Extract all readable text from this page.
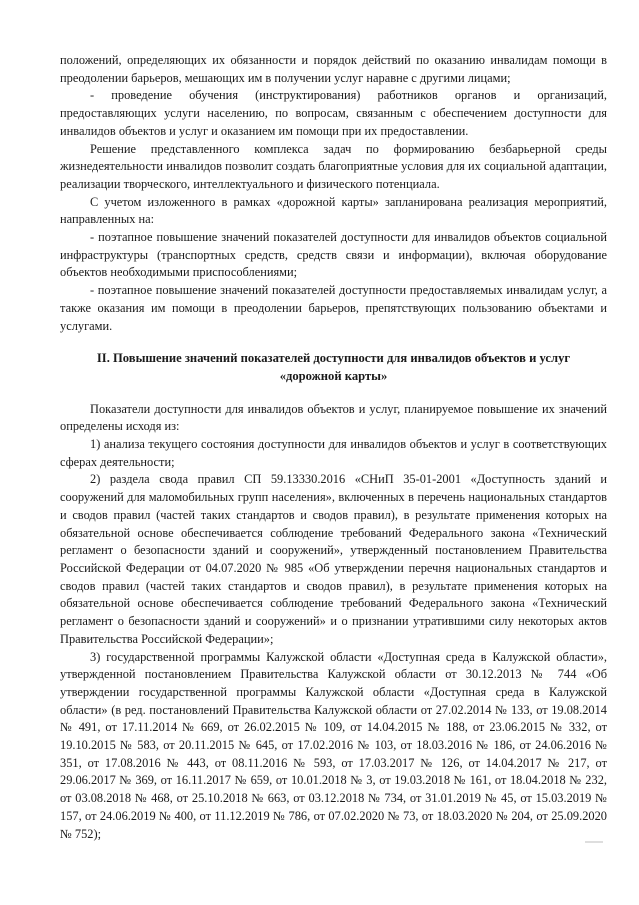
положений, определяющих их обязанности и порядок действий по оказанию инвалидам помощи в преодолении барьеров, мешающих им в получении услуг наравне с другими лицами;

- проведение обучения (инструктирования) работников органов и организаций, предоставляющих услуги населению, по вопросам, связанным с обеспечением доступности для инвалидов объектов и услуг и оказанием им помощи при их предоставлении.

Решение представленного комплекса задач по формированию безбарьерной среды жизнедеятельности инвалидов позволит создать благоприятные условия для их социальной адаптации, реализации творческого, интеллектуального и физического потенциала.

С учетом изложенного в рамках «дорожной карты» запланирована реализация мероприятий, направленных на:

- поэтапное повышение значений показателей доступности для инвалидов объектов социальной инфраструктуры (транспортных средств, средств связи и информации), включая оборудование объектов необходимыми приспособлениями;

- поэтапное повышение значений показателей доступности предоставляемых инвалидам услуг, а также оказания им помощи в преодолении барьеров, препятствующих пользованию объектами и услугами.

II. Повышение значений показателей доступности для инвалидов объектов и услуг «дорожной карты»

Показатели доступности для инвалидов объектов и услуг, планируемое повышение их значений определены исходя из:

1) анализа текущего состояния доступности для инвалидов объектов и услуг в соответствующих сферах деятельности;

2) раздела свода правил СП 59.13330.2016 «СНиП 35-01-2001 «Доступность зданий и сооружений для маломобильных групп населения», включенных в перечень национальных стандартов и сводов правил (частей таких стандартов и сводов правил), в результате применения которых на обязательной основе обеспечивается соблюдение требований Федерального закона «Технический регламент о безопасности зданий и сооружений», утвержденный постановлением Правительства Российской Федерации от 04.07.2020 № 985 «Об утверждении перечня национальных стандартов и сводов правил (частей таких стандартов и сводов правил), в результате применения которых на обязательной основе обеспечивается соблюдение требований Федерального закона «Технический регламент о безопасности зданий и сооружений» и о признании утратившими силу некоторых актов Правительства Российской Федерации»;

3) государственной программы Калужской области «Доступная среда в Калужской области», утвержденной постановлением Правительства Калужской области от 30.12.2013 № 744 «Об утверждении государственной программы Калужской области «Доступная среда в Калужской области» (в ред. постановлений Правительства Калужской области от 27.02.2014 № 133, от 19.08.2014 № 491, от 17.11.2014 № 669, от 26.02.2015 № 109, от 14.04.2015 № 188, от 23.06.2015 № 332, от 19.10.2015 № 583, от 20.11.2015 № 645, от 17.02.2016 № 103, от 18.03.2016 № 186, от 24.06.2016 № 351, от 17.08.2016 № 443, от 08.11.2016 № 593, от 17.03.2017 № 126, от 14.04.2017 № 217, от 29.06.2017 № 369, от 16.11.2017 № 659, от 10.01.2018 № 3, от 19.03.2018 № 161, от 18.04.2018 № 232, от 03.08.2018 № 468, от 25.10.2018 № 663, от 03.12.2018 № 734, от 31.01.2019 № 45, от 15.03.2019 № 157, от 24.06.2019 № 400, от 11.12.2019 № 786, от 07.02.2020 № 73, от 18.03.2020 № 204, от 25.09.2020 № 752);
